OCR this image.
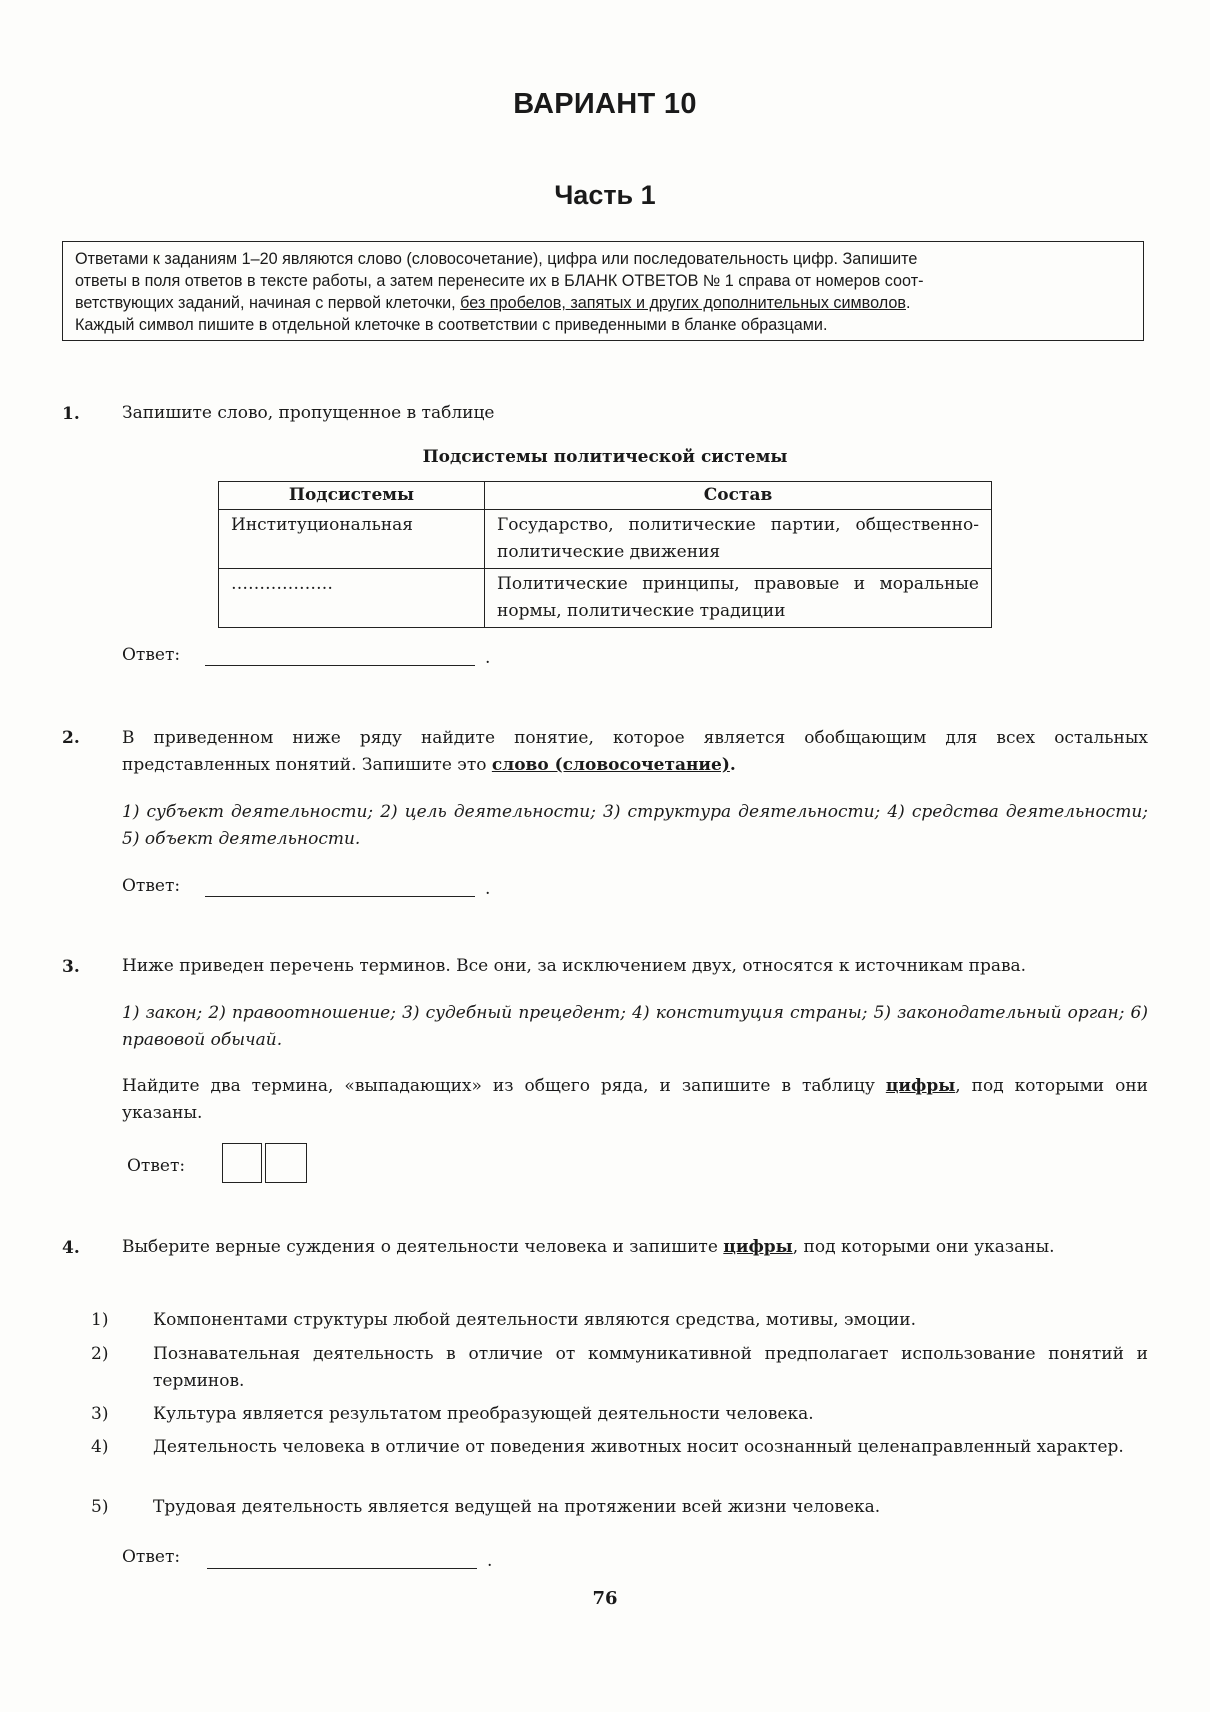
ВАРИАНТ 10
Часть 1
Ответами к заданиям 1–20 являются слово (словосочетание), цифра или последовательность цифр. Запишите
ответы в поля ответов в тексте работы, а затем перенесите их в БЛАНК ОТВЕТОВ № 1 справа от номеров соот-
ветствующих заданий, начиная с первой клеточки, без пробелов, запятых и других дополнительных символов.
Каждый символ пишите в отдельной клеточке в соответствии с приведенными в бланке образцами.
1. Запишите слово, пропущенное в таблице
Подсистемы политической системы
Подсистемы	Состав
Институциональная	Государство, политические партии, общественно-политические движения
………………	Политические принципы, правовые и моральные нормы, политические традиции
Ответ:	.
2. В приведенном ниже ряду найдите понятие, которое является обобщающим для всех остальных представленных понятий. Запишите это слово (словосочетание).
1) субъект деятельности; 2) цель деятельности; 3) структура деятельности; 4) средства деятельности; 5) объект деятельности.
Ответ:	.
3. Ниже приведен перечень терминов. Все они, за исключением двух, относятся к источникам права.
1) закон; 2) правоотношение; 3) судебный прецедент; 4) конституция страны; 5) законодательный орган; 6) правовой обычай.
Найдите два термина, «выпадающих» из общего ряда, и запишите в таблицу цифры, под которыми они указаны.
Ответ:
4. Выберите верные суждения о деятельности человека и запишите цифры, под которыми они указаны.
1)	Компонентами структуры любой деятельности являются средства, мотивы, эмоции.
2)	Познавательная деятельность в отличие от коммуникативной предполагает использование понятий и терминов.
3)	Культура является результатом преобразующей деятельности человека.
4)	Деятельность человека в отличие от поведения животных носит осознанный целенаправленный характер.
5)	Трудовая деятельность является ведущей на протяжении всей жизни человека.
Ответ:	.
76
